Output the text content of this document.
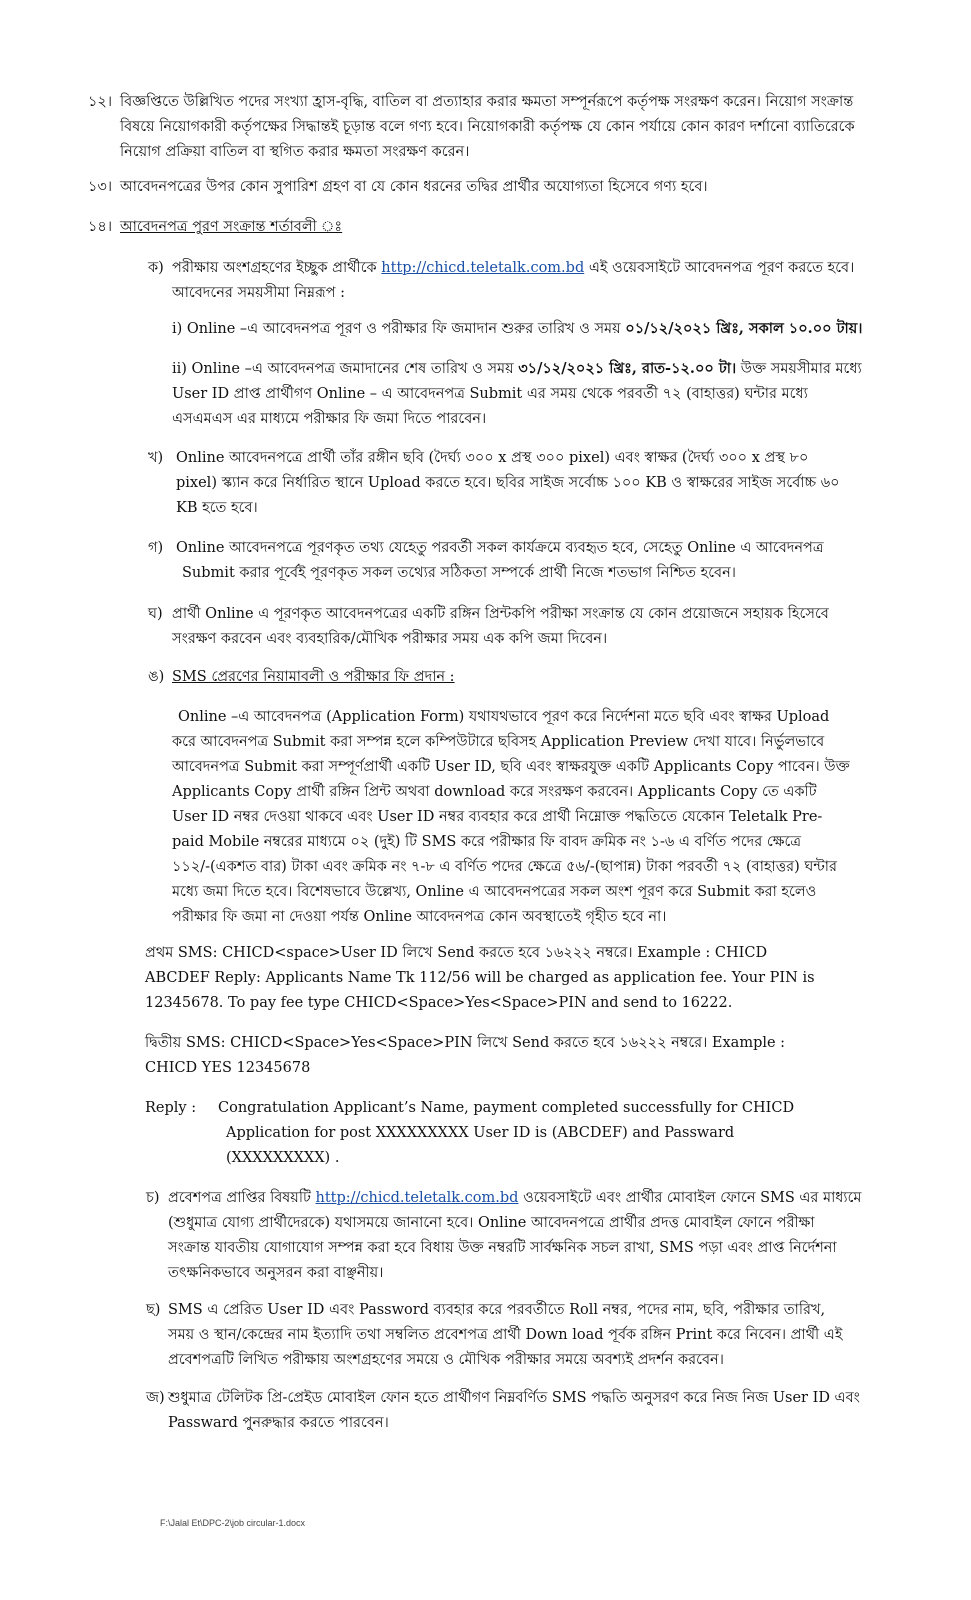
১২। বিজ্ঞপ্তিতে উল্লিখিত পদের সংখ্যা হ্রাস-বৃদ্ধি, বাতিল বা প্রত্যাহার করার ক্ষমতা সম্পূর্নরূপে কর্তৃপক্ষ সংরক্ষণ করেন। নিয়োগ সংক্রান্ত
বিষয়ে নিয়োগকারী কর্তৃপক্ষের সিদ্ধান্তই চূড়ান্ত বলে গণ্য হবে। নিয়োগকারী কর্তৃপক্ষ যে কোন পর্যায়ে কোন কারণ দর্শানো ব্যাতিরেকে
নিয়োগ প্রক্রিয়া বাতিল বা স্থগিত করার ক্ষমতা সংরক্ষণ করেন।
১৩। আবেদনপত্রের উপর কোন সুপারিশ গ্রহণ বা যে কোন ধরনের তদ্বির প্রার্থীর অযোগ্যতা হিসেবে গণ্য হবে।
১৪। আবেদনপত্র পুরণ সংক্রান্ত শর্তাবলী ঃ
ক) পরীক্ষায় অংশগ্রহণের ইচ্ছুক প্রার্থীকে http://chicd.teletalk.com.bd এই ওয়েবসাইটে আবেদনপত্র পূরণ করতে হবে।
আবেদনের সময়সীমা নিম্নরূপ :
i) Online –এ আবেদনপত্র পূরণ ও পরীক্ষার ফি জমাদান শুরুর তারিখ ও সময় ০১/১২/২০২১ খ্রিঃ, সকাল ১০.০০ টায়।
ii) Online –এ আবেদনপত্র জমাদানের শেষ তারিখ ও সময় ৩১/১২/২০২১ খ্রিঃ, রাত-১২.০০ টা। উক্ত সময়সীমার মধ্যে
User ID প্রাপ্ত প্রার্থীগণ Online – এ আবেদনপত্র Submit এর সময় থেকে পরবর্তী ৭২ (বাহাত্তর) ঘন্টার মধ্যে
এসএমএস এর মাধ্যমে পরীক্ষার ফি জমা দিতে পারবেন।
খ) Online আবেদনপত্রে প্রার্থী তাঁর রঙ্গীন ছবি (দৈর্ঘ্য ৩০০ x প্রস্থ ৩০০ pixel) এবং স্বাক্ষর (দৈর্ঘ্য ৩০০ x প্রস্থ ৮০
pixel) স্ক্যান করে নির্ধারিত স্থানে Upload করতে হবে। ছবির সাইজ সর্বোচ্চ ১০০ KB ও স্বাক্ষরের সাইজ সর্বোচ্চ ৬০
KB হতে হবে।
গ) Online আবেদনপত্রে পূরণকৃত তথ্য যেহেতু পরবর্তী সকল কার্যক্রমে ব্যবহৃত হবে, সেহেতু Online এ আবেদনপত্র
Submit করার পূর্বেই পূরণকৃত সকল তথ্যের সঠিকতা সম্পর্কে প্রার্থী নিজে শতভাগ নিশ্চিত হবেন।
ঘ) প্রার্থী Online এ পূরণকৃত আবেদনপত্রের একটি রঙ্গিন প্রিন্টকপি পরীক্ষা সংক্রান্ত যে কোন প্রয়োজনে সহায়ক হিসেবে
সংরক্ষণ করবেন এবং ব্যবহারিক/মৌখিক পরীক্ষার সময় এক কপি জমা দিবেন।
ঙ) SMS প্রেরণের নিয়ামাবলী ও পরীক্ষার ফি প্রদান :
Online –এ আবেদনপত্র (Application Form) যথাযথভাবে পূরণ করে নির্দেশনা মতে ছবি এবং স্বাক্ষর Upload
করে আবেদনপত্র Submit করা সম্পন্ন হলে কম্পিউটারে ছবিসহ Application Preview দেখা যাবে। নির্ভুলভাবে
আবেদনপত্র Submit করা সম্পূর্ণপ্রার্থী একটি User ID, ছবি এবং স্বাক্ষরযুক্ত একটি Applicants Copy পাবেন। উক্ত
Applicants Copy প্রার্থী রঙ্গিন প্রিন্ট অথবা download করে সংরক্ষণ করবেন। Applicants Copy তে একটি
User ID নম্বর দেওয়া থাকবে এবং User ID নম্বর ব্যবহার করে প্রার্থী নিম্নোক্ত পদ্ধতিতে যেকোন Teletalk Pre-
paid Mobile নম্বরের মাধ্যমে ০২ (দুই) টি SMS করে পরীক্ষার ফি বাবদ ক্রমিক নং ১-৬ এ বর্ণিত পদের ক্ষেত্রে
১১২/-(একশত বার) টাকা এবং ক্রমিক নং ৭-৮ এ বর্ণিত পদের ক্ষেত্রে ৫৬/-(ছাপান্ন) টাকা পরবর্তী ৭২ (বাহাত্তর) ঘন্টার
মধ্যে জমা দিতে হবে। বিশেষভাবে উল্লেখ্য, Online এ আবেদনপত্রের সকল অংশ পূরণ করে Submit করা হলেও
পরীক্ষার ফি জমা না দেওয়া পর্যন্ত Online আবেদনপত্র কোন অবস্থাতেই গৃহীত হবে না।
প্রথম SMS: CHICD<space>User ID লিখে Send করতে হবে ১৬২২২ নম্বরে। Example : CHICD
ABCDEF Reply: Applicants Name Tk 112/56 will be charged as application fee. Your PIN is
12345678. To pay fee type CHICD<Space>Yes<Space>PIN and send to 16222.
দ্বিতীয় SMS: CHICD<Space>Yes<Space>PIN লিখে Send করতে হবে ১৬২২২ নম্বরে। Example :
CHICD YES 12345678
Reply : Congratulation Applicant’s Name, payment completed successfully for CHICD
Application for post XXXXXXXXX User ID is (ABCDEF) and Passward
(XXXXXXXXX) .
চ) প্রবেশপত্র প্রাপ্তির বিষয়টি http://chicd.teletalk.com.bd ওয়েবসাইটে এবং প্রার্থীর মোবাইল ফোনে SMS এর মাধ্যমে
(শুধুমাত্র যোগ্য প্রার্থীদেরকে) যথাসময়ে জানানো হবে। Online আবেদনপত্রে প্রার্থীর প্রদত্ত মোবাইল ফোনে পরীক্ষা
সংক্রান্ত যাবতীয় যোগাযোগ সম্পন্ন করা হবে বিধায় উক্ত নম্বরটি সার্বক্ষনিক সচল রাখা, SMS পড়া এবং প্রাপ্ত নির্দেশনা
তৎক্ষনিকভাবে অনুসরন করা বাঞ্ছনীয়।
ছ) SMS এ প্রেরিত User ID এবং Password ব্যবহার করে পরবর্তীতে Roll নম্বর, পদের নাম, ছবি, পরীক্ষার তারিখ,
সময় ও স্থান/কেন্দ্রের নাম ইত্যাদি তথা সম্বলিত প্রবেশপত্র প্রার্থী Down load পূর্বক রঙ্গিন Print করে নিবেন। প্রার্থী এই
প্রবেশপত্রটি লিখিত পরীক্ষায় অংশগ্রহণের সময়ে ও মৌখিক পরীক্ষার সময়ে অবশ্যই প্রদর্শন করবেন।
জ) শুধুমাত্র টেলিটক প্রি-প্রেইড মোবাইল ফোন হতে প্রার্থীগণ নিম্নবর্ণিত SMS পদ্ধতি অনুসরণ করে নিজ নিজ User ID এবং
Passward পুনরুদ্ধার করতে পারবেন।
F:\Jalal Et\DPC-2\job circular-1.docx
